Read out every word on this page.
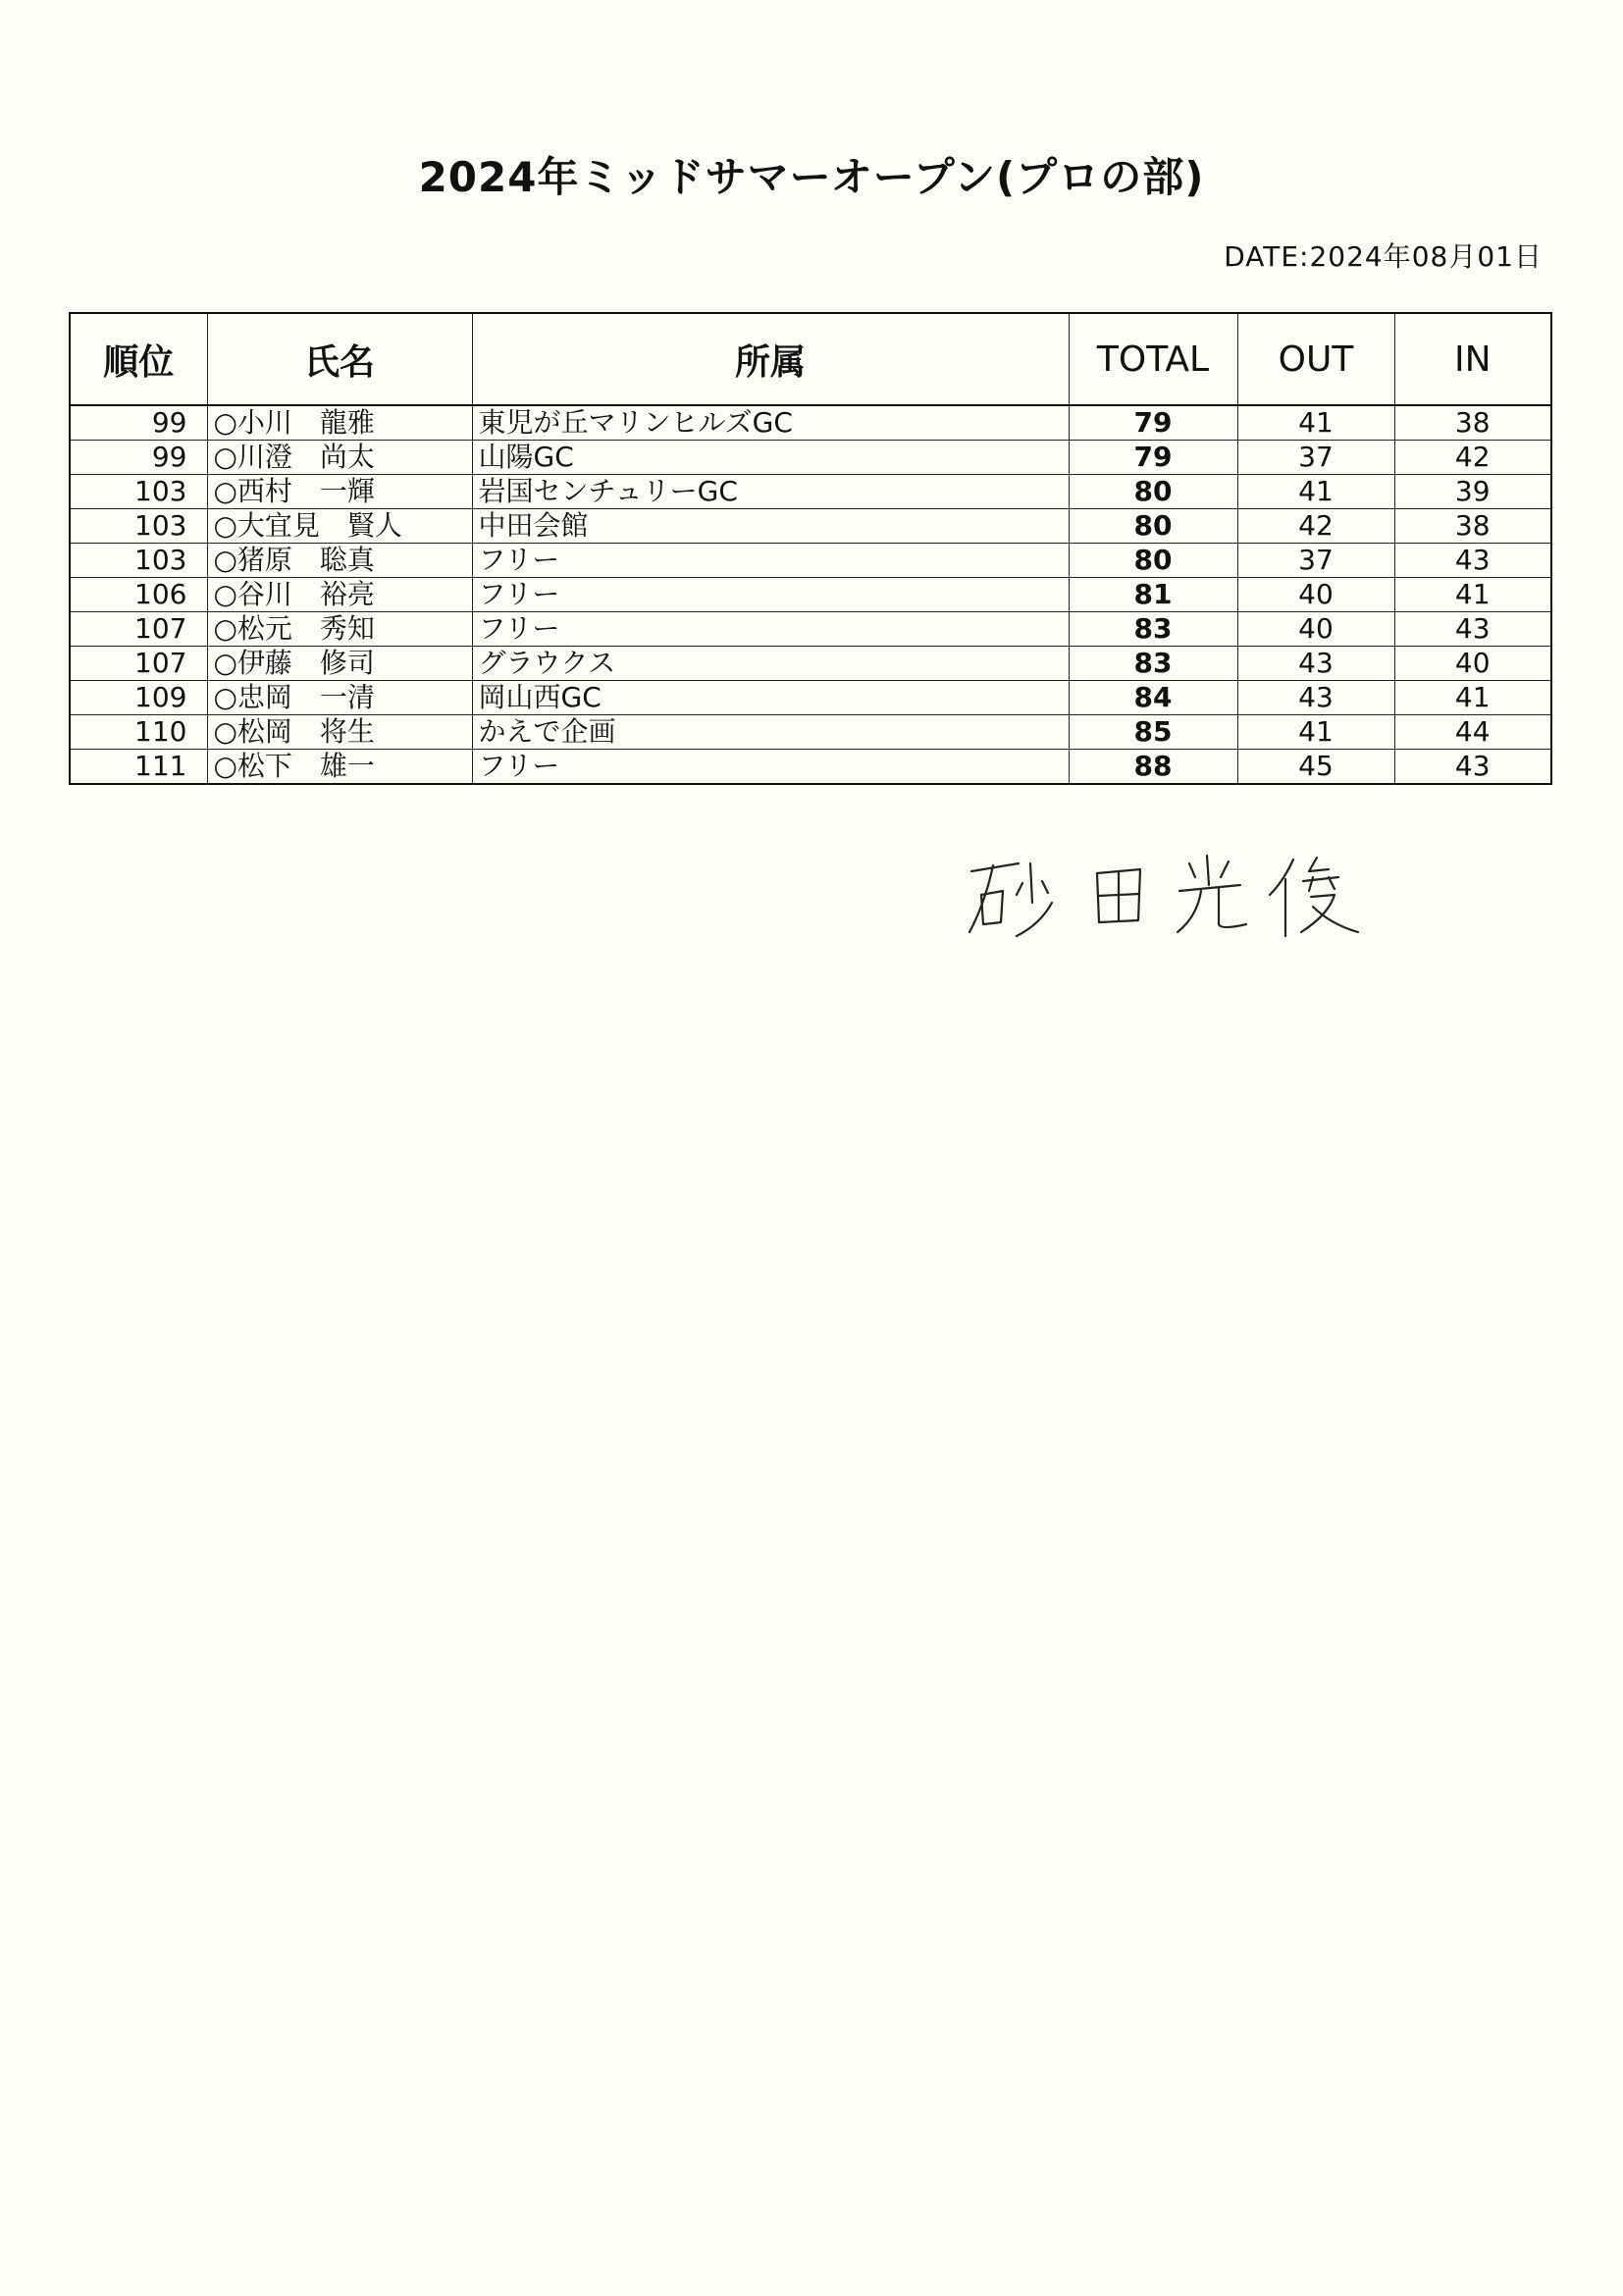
2024年ミッドサマーオープン(プロの部)
DATE:2024年08月01日
順位	氏名	所属	TOTAL	OUT	IN
99	○小川　龍雅	東児が丘マリンヒルズGC	79	41	38
99	○川澄　尚太	山陽GC	79	37	42
103	○西村　一輝	岩国センチュリーGC	80	41	39
103	○大宜見　賢人	中田会館	80	42	38
103	○猪原　聡真	フリー	80	37	43
106	○谷川　裕亮	フリー	81	40	41
107	○松元　秀知	フリー	83	40	43
107	○伊藤　修司	グラウクス	83	43	40
109	○忠岡　一清	岡山西GC	84	43	41
110	○松岡　将生	かえで企画	85	41	44
111	○松下　雄一	フリー	88	45	43
